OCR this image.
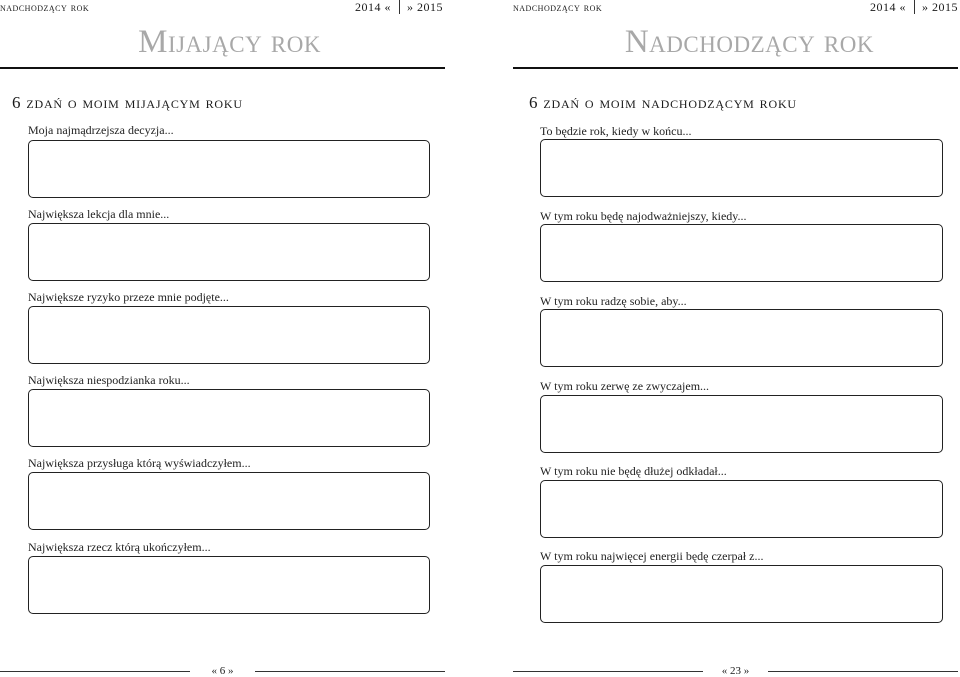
nadchodzący rok	2014 « » 2015
Mijający rok
6 zdań o moim mijającym roku
Moja najmądrzejsza decyzja...
Największa lekcja dla mnie...
Największe ryzyko przeze mnie podjęte...
Największa niespodzianka roku...
Największa przysługa którą wyświadczyłem...
Największa rzecz którą ukończyłem...
« 6 »
nadchodzący rok	2014 « » 2015
Nadchodzący rok
6 zdań o moim nadchodzącym roku
To będzie rok, kiedy w końcu...
W tym roku będę najodważniejszy, kiedy...
W tym roku radzę sobie, aby...
W tym roku zerwę ze zwyczajem...
W tym roku nie będę dłużej odkładał...
W tym roku najwięcej energii będę czerpał z...
« 23 »
